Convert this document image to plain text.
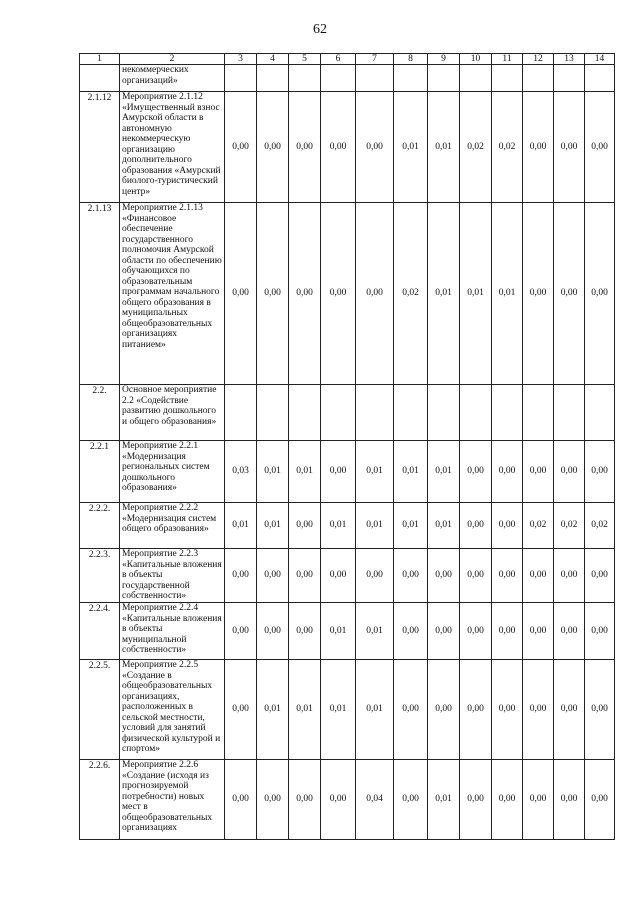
62
1	2	3	4	5	6	7	8	9	10	11	12	13	14
	некоммерческих организаций»												
2.1.12	Мероприятие 2.1.12 «Имущественный взнос Амурской области в автономную некоммерческую организацию дополнительного образования «Амурский биолого-туристический центр»	0,00	0,00	0,00	0,00	0,00	0,01	0,01	0,02	0,02	0,00	0,00	0,00
2.1.13	Мероприятие 2.1.13 «Финансовое обеспечение государственного полномочия Амурской области по обеспечению обучающихся по образовательным программам начального общего образования в муниципальных общеобразовательных организациях питанием»	0,00	0,00	0,00	0,00	0,00	0,02	0,01	0,01	0,01	0,00	0,00	0,00
2.2.	Основное мероприятие 2.2 «Содействие развитию дошкольного и общего образования»												
2.2.1	Мероприятие 2.2.1 «Модернизация региональных систем дошкольного образования»	0,03	0,01	0,01	0,00	0,01	0,01	0,01	0,00	0,00	0,00	0,00	0,00
2.2.2.	Мероприятие 2.2.2 «Модернизация систем общего образования»	0,01	0,01	0,00	0,01	0,01	0,01	0,01	0,00	0,00	0,02	0,02	0,02
2.2.3.	Мероприятие 2.2.3 «Капитальные вложения в объекты государственной собственности»	0,00	0,00	0,00	0,00	0,00	0,00	0,00	0,00	0,00	0,00	0,00	0,00
2.2.4.	Мероприятие 2.2.4 «Капитальные вложения в объекты муниципальной собственности»	0,00	0,00	0,00	0,01	0,01	0,00	0,00	0,00	0,00	0,00	0,00	0,00
2.2.5.	Мероприятие 2.2.5 «Создание в общеобразовательных организациях, расположенных в сельской местности, условий для занятий физической культурой и спортом»	0,00	0,01	0,01	0,01	0,01	0,00	0,00	0,00	0,00	0,00	0,00	0,00
2.2.6.	Мероприятие 2.2.6 «Создание (исходя из прогнозируемой потребности) новых мест в общеобразовательных организациях	0,00	0,00	0,00	0,00	0,04	0,00	0,01	0,00	0,00	0,00	0,00	0,00
